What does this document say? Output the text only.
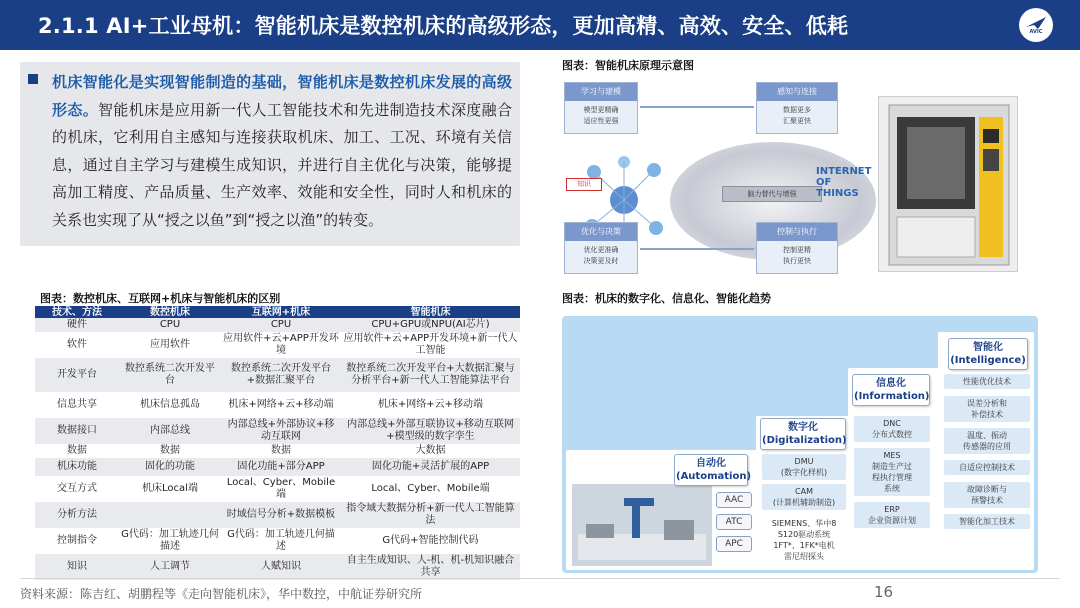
2.1.1 AI+工业母机：智能机床是数控机床的高级形态，更加高精、高效、安全、低耗	AVIC
机床智能化是实现智能制造的基础，智能机床是数控机床发展的高级形态。智能机床是应用新一代人工智能技术和先进制造技术深度融合的机床，它利用自主感知与连接获取机床、加工、工况、环境有关信息，通过自主学习与建模生成知识，并进行自主优化与决策，能够提高加工精度、产品质量、生产效率、效能和安全性，同时人和机床的关系也实现了从“授之以鱼”到“授之以渔”的转变。
图表：智能机床原理示意图
学习与建模
模型更精确
适应性更强
感知与连接
数据更多
汇聚更快
知识
脑力替代与增强
INTERNET
OF
THINGS
优化与决策
优化更准确
决策更及时
控制与执行
控制更精
执行更快
图表：数控机床、互联网+机床与智能机床的区别
技术、方法	数控机床	互联网+机床	智能机床
硬件	CPU	CPU	CPU+GPU或NPU(AI芯片)
软件	应用软件	应用软件+云+APP开发环境	应用软件+云+APP开发环境+新一代人工智能
开发平台	数控系统二次开发平台	数控系统二次开发平台+数据汇聚平台	数控系统二次开发平台+大数据汇聚与分析平台+新一代人工智能算法平台
信息共享	机床信息孤岛	机床+网络+云+移动端	机床+网络+云+移动端
数据接口	内部总线	内部总线+外部协议+移动互联网	内部总线+外部互联协议+移动互联网+模型级的数字孪生
数据	数据	数据	大数据
机床功能	固化的功能	固化功能+部分APP	固化功能+灵活扩展的APP
交互方式	机床Local端	Local、Cyber、Mobile端	Local、Cyber、Mobile端
分析方法		时域信号分析+数据模板	指令域大数据分析+新一代人工智能算法
控制指令	G代码：加工轨迹几何描述	G代码：加工轨迹几何描述	G代码+智能控制代码
知识	人工调节	人赋知识	自主生成知识、人-机、机-机知识融合共享
图表：机床的数字化、信息化、智能化趋势
自动化
(Automation)
数字化
(Digitalization)
信息化
(Information)
智能化
(Intelligence)
AAC
ATC
APC
DMU
(数字化样机)
CAM
(计算机辅助制造)
SIEMENS、华中8
S120驱动系统
1FT*、1FK*电机
雷尼绍探头
DNC
分布式数控
MES
制造生产过
程执行管理
系统
ERP
企业资源计划
性能优化技术
误差分析和
补偿技术
温度、振动
传感器的应用
自适应控制技术
故障诊断与
预警技术
智能化加工技术
资料来源：陈吉红、胡鹏程等《走向智能机床》，华中数控，中航证券研究所	16
